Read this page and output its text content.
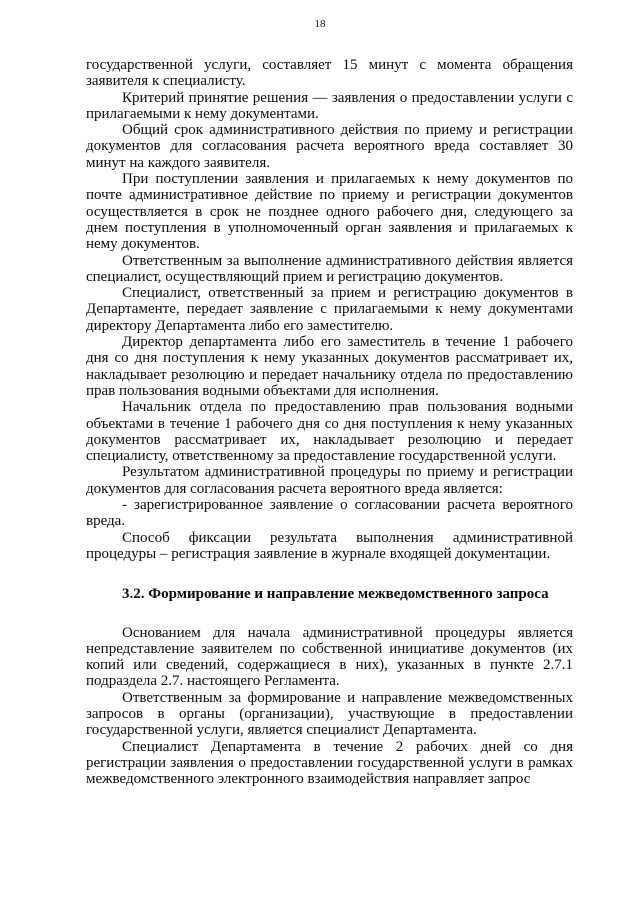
18

государственной услуги, составляет 15 минут с момента обращения заявителя к специалисту.

Критерий принятие решения — заявления о предоставлении услуги с прилагаемыми к нему документами.

Общий срок административного действия по приему и регистрации документов для согласования расчета вероятного вреда составляет 30 минут на каждого заявителя.

При поступлении заявления и прилагаемых к нему документов по почте административное действие по приему и регистрации документов осуществляется в срок не позднее одного рабочего дня, следующего за днем поступления в уполномоченный орган заявления и прилагаемых к нему документов.

Ответственным за выполнение административного действия является специалист, осуществляющий прием и регистрацию документов.

Специалист, ответственный за прием и регистрацию документов в Департаменте, передает заявление с прилагаемыми к нему документами директору Департамента либо его заместителю.

Директор департамента либо его заместитель в течение 1 рабочего дня со дня поступления к нему указанных документов рассматривает их, накладывает резолюцию и передает начальнику отдела по предоставлению прав пользования водными объектами для исполнения.

Начальник отдела по предоставлению прав пользования водными объектами в течение 1 рабочего дня со дня поступления к нему указанных документов рассматривает их, накладывает резолюцию и передает специалисту, ответственному за предоставление государственной услуги.

Результатом административной процедуры по приему и регистрации документов для согласования расчета вероятного вреда является:

- зарегистрированное заявление о согласовании расчета вероятного вреда.

Способ фиксации результата выполнения административной процедуры – регистрация заявление в журнале входящей документации.

3.2. Формирование и направление межведомственного запроса

Основанием для начала административной процедуры является непредставление заявителем по собственной инициативе документов (их копий или сведений, содержащиеся в них), указанных в пункте 2.7.1 подраздела 2.7. настоящего Регламента.

Ответственным за формирование и направление межведомственных запросов в органы (организации), участвующие в предоставлении государственной услуги, является специалист Департамента.

Специалист Департамента в течение 2 рабочих дней со дня регистрации заявления о предоставлении государственной услуги в рамках межведомственного электронного взаимодействия направляет запрос
